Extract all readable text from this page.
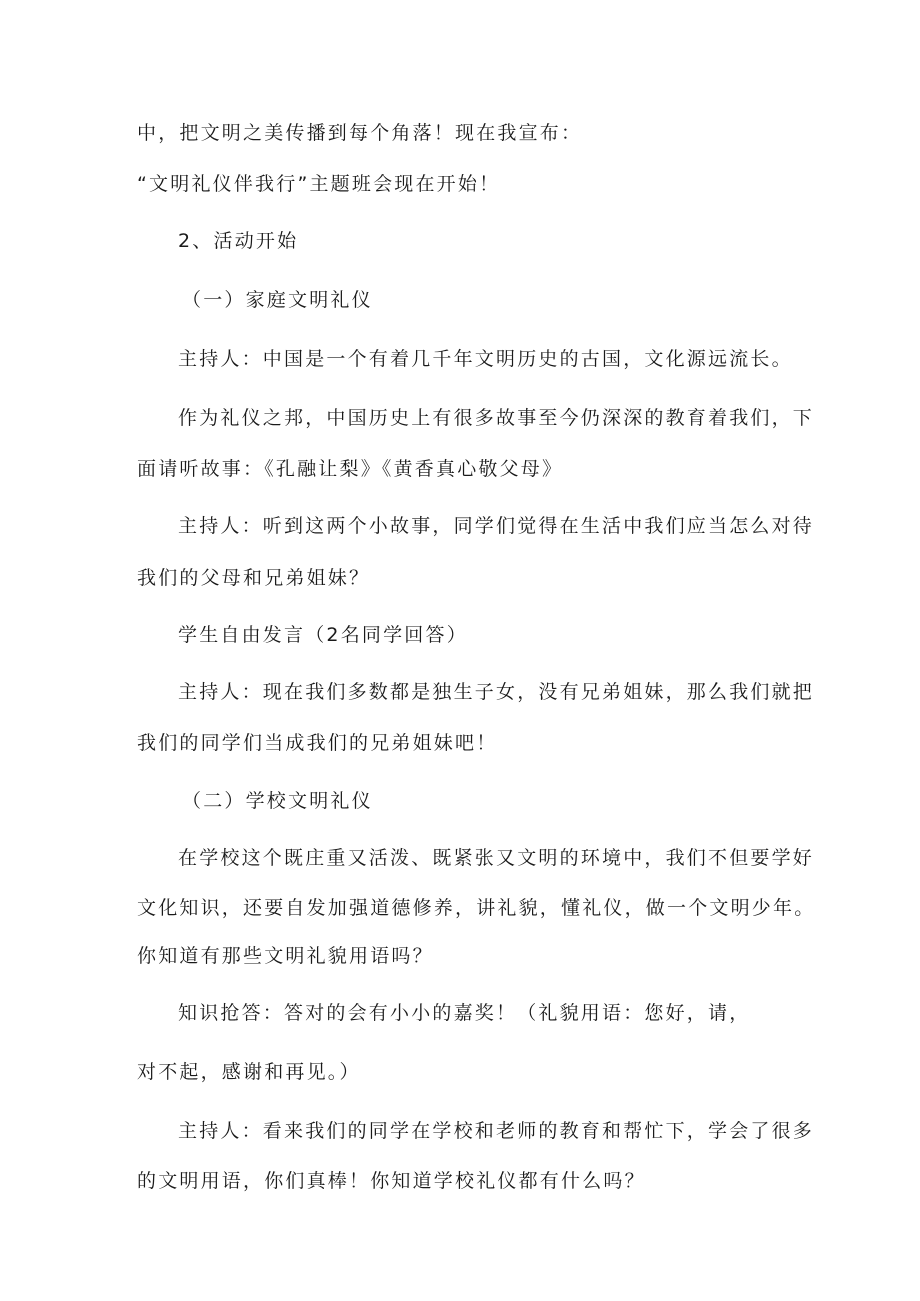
中，把文明之美传播到每个角落！现在我宣布：
“文明礼仪伴我行”主题班会现在开始！
2、活动开始
（一）家庭文明礼仪
主持人：中国是一个有着几千年文明历史的古国，文化源远流长。
作为礼仪之邦，中国历史上有很多故事至今仍深深的教育着我们，下
面请听故事：《孔融让梨》《黄香真心敬父母》
主持人：听到这两个小故事，同学们觉得在生活中我们应当怎么对待
我们的父母和兄弟姐妹？
学生自由发言（2名同学回答）
主持人：现在我们多数都是独生子女，没有兄弟姐妹，那么我们就把
我们的同学们当成我们的兄弟姐妹吧！
（二）学校文明礼仪
在学校这个既庄重又活泼、既紧张又文明的环境中，我们不但要学好
文化知识，还要自发加强道德修养，讲礼貌，懂礼仪，做一个文明少年。
你知道有那些文明礼貌用语吗？
知识抢答：答对的会有小小的嘉奖！（礼貌用语：您好，请，
对不起，感谢和再见。）
主持人：看来我们的同学在学校和老师的教育和帮忙下，学会了很多
的文明用语，你们真棒！你知道学校礼仪都有什么吗？
